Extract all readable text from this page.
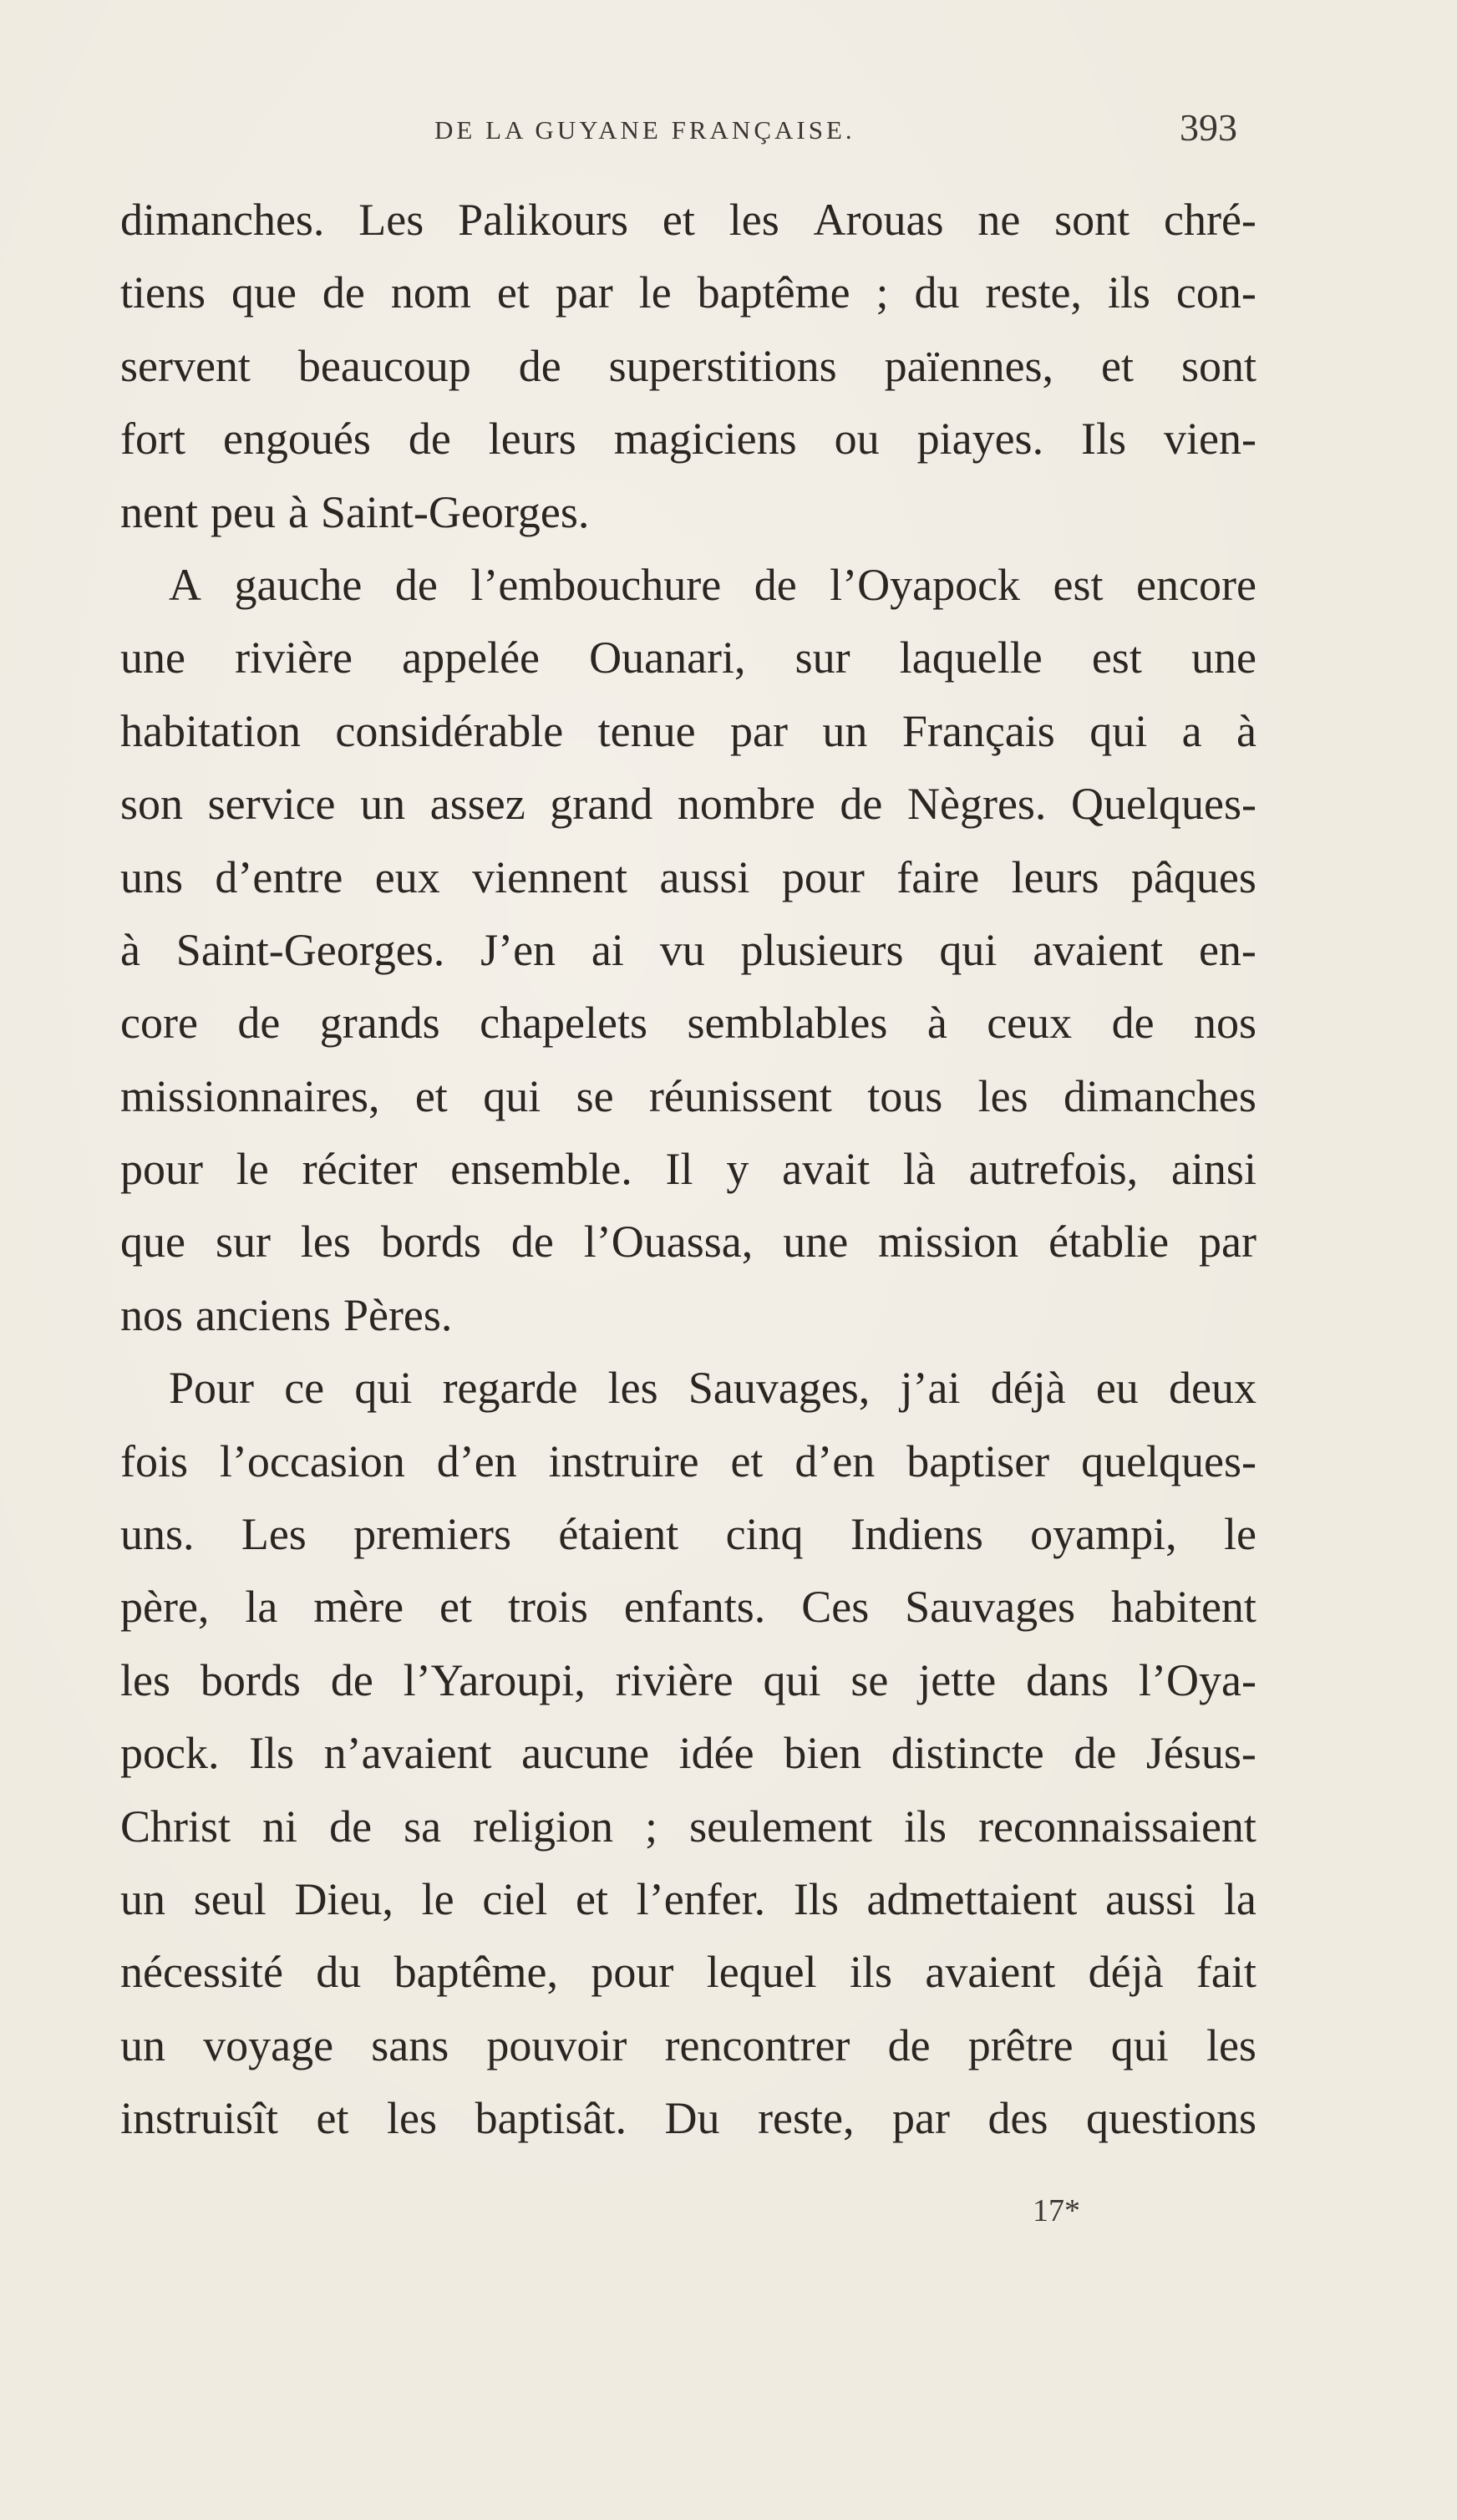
DE LA GUYANE FRANÇAISE.	393
dimanches. Les Palikours et les Arouas ne sont chré-
tiens que de nom et par le baptême ; du reste, ils con-
servent beaucoup de superstitions païennes, et sont
fort engoués de leurs magiciens ou piayes. Ils vien-
nent peu à Saint-Georges.
A gauche de l’embouchure de l’Oyapock est encore
une rivière appelée Ouanari, sur laquelle est une
habitation considérable tenue par un Français qui a à
son service un assez grand nombre de Nègres. Quelques-
uns d’entre eux viennent aussi pour faire leurs pâques
à Saint-Georges. J’en ai vu plusieurs qui avaient en-
core de grands chapelets semblables à ceux de nos
missionnaires, et qui se réunissent tous les dimanches
pour le réciter ensemble. Il y avait là autrefois, ainsi
que sur les bords de l’Ouassa, une mission établie par
nos anciens Pères.
Pour ce qui regarde les Sauvages, j’ai déjà eu deux
fois l’occasion d’en instruire et d’en baptiser quelques-
uns. Les premiers étaient cinq Indiens oyampi, le
père, la mère et trois enfants. Ces Sauvages habitent
les bords de l’Yaroupi, rivière qui se jette dans l’Oya-
pock. Ils n’avaient aucune idée bien distincte de Jésus-
Christ ni de sa religion ; seulement ils reconnaissaient
un seul Dieu, le ciel et l’enfer. Ils admettaient aussi la
nécessité du baptême, pour lequel ils avaient déjà fait
un voyage sans pouvoir rencontrer de prêtre qui les
instruisît et les baptisât. Du reste, par des questions
17*
